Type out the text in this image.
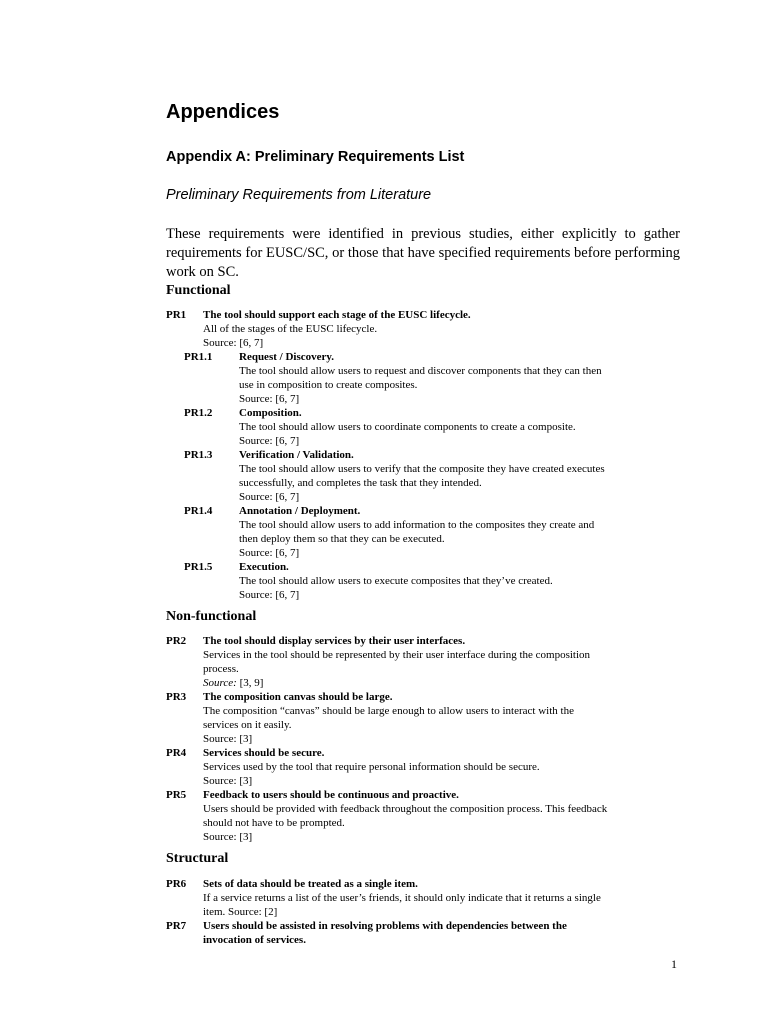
Appendices
Appendix A: Preliminary Requirements List
Preliminary Requirements from Literature
These requirements were identified in previous studies, either explicitly to gather requirements for EUSC/SC, or those that have specified requirements before performing work on SC.
Functional
PR1 The tool should support each stage of the EUSC lifecycle.
All of the stages of the EUSC lifecycle.
Source: [6, 7]
PR1.1 Request / Discovery.
The tool should allow users to request and discover components that they can then
use in composition to create composites.
Source: [6, 7]
PR1.2 Composition.
The tool should allow users to coordinate components to create a composite.
Source: [6, 7]
PR1.3 Verification / Validation.
The tool should allow users to verify that the composite they have created executes
successfully, and completes the task that they intended.
Source: [6, 7]
PR1.4 Annotation / Deployment.
The tool should allow users to add information to the composites they create and
then deploy them so that they can be executed.
Source: [6, 7]
PR1.5 Execution.
The tool should allow users to execute composites that they’ve created.
Source: [6, 7]
Non-functional
PR2 The tool should display services by their user interfaces.
Services in the tool should be represented by their user interface during the composition
process.
Source: [3, 9]
PR3 The composition canvas should be large.
The composition “canvas” should be large enough to allow users to interact with the
services on it easily.
Source: [3]
PR4 Services should be secure.
Services used by the tool that require personal information should be secure.
Source: [3]
PR5 Feedback to users should be continuous and proactive.
Users should be provided with feedback throughout the composition process. This feedback
should not have to be prompted.
Source: [3]
Structural
PR6 Sets of data should be treated as a single item.
If a service returns a list of the user’s friends, it should only indicate that it returns a single
item. Source: [2]
PR7 Users should be assisted in resolving problems with dependencies between the
invocation of services.
1
